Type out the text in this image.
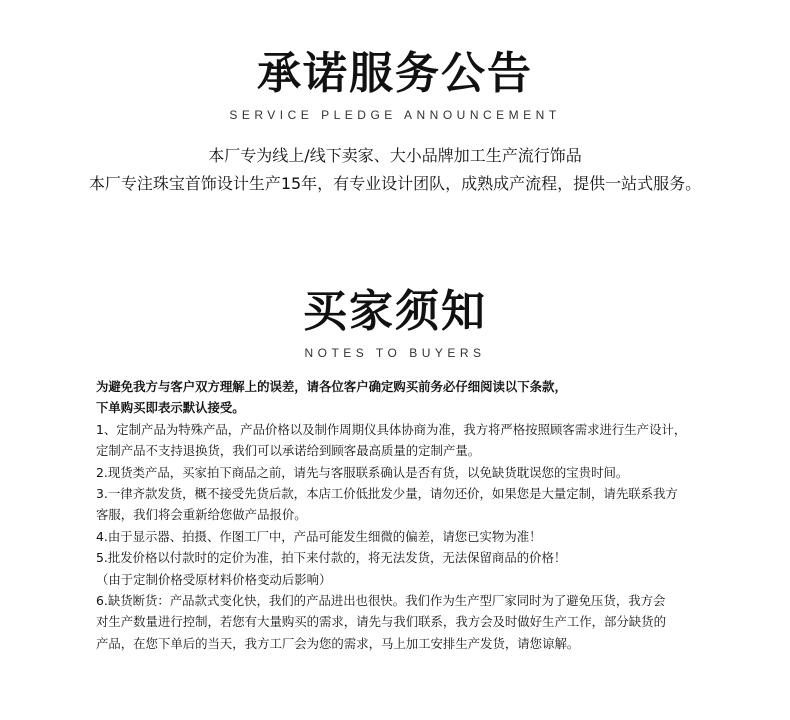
承诺服务公告
SERVICE PLEDGE ANNOUNCEMENT
本厂专为线上/线下卖家、大小品牌加工生产流行饰品
本厂专注珠宝首饰设计生产15年，有专业设计团队，成熟成产流程，提供一站式服务。
买家须知
NOTES TO BUYERS

为避免我方与客户双方理解上的误差，请各位客户确定购买前务必仔细阅读以下条款，

下单购买即表示默认接受。

1、定制产品为特殊产品，产品价格以及制作周期仪具体协商为准，我方将严格按照顾客需求进行生产设计，

定制产品不支持退换货，我们可以承诺给到顾客最高质量的定制产量。

2.现货类产品，买家拍下商品之前，请先与客服联系确认是否有货，以免缺货耽误您的宝贵时间。

3.一律齐款发货，概不接受先货后款，本店工价低批发少量，请勿还价，如果您是大量定制，请先联系我方

客服，我们将会重新给您做产品报价。

4.由于显示器、拍摄、作图工厂中，产品可能发生细微的偏差，请您已实物为准！

5.批发价格以付款时的定价为准，拍下来付款的，将无法发货，无法保留商品的价格！

（由于定制价格受原材料价格变动后影响）

6.缺货断货：产品款式变化快，我们的产品进出也很快。我们作为生产型厂家同时为了避免压货，我方会

对生产数量进行控制，若您有大量购买的需求，请先与我们联系，我方会及时做好生产工作，部分缺货的

产品，在您下单后的当天，我方工厂会为您的需求，马上加工安排生产发货，请您谅解。
